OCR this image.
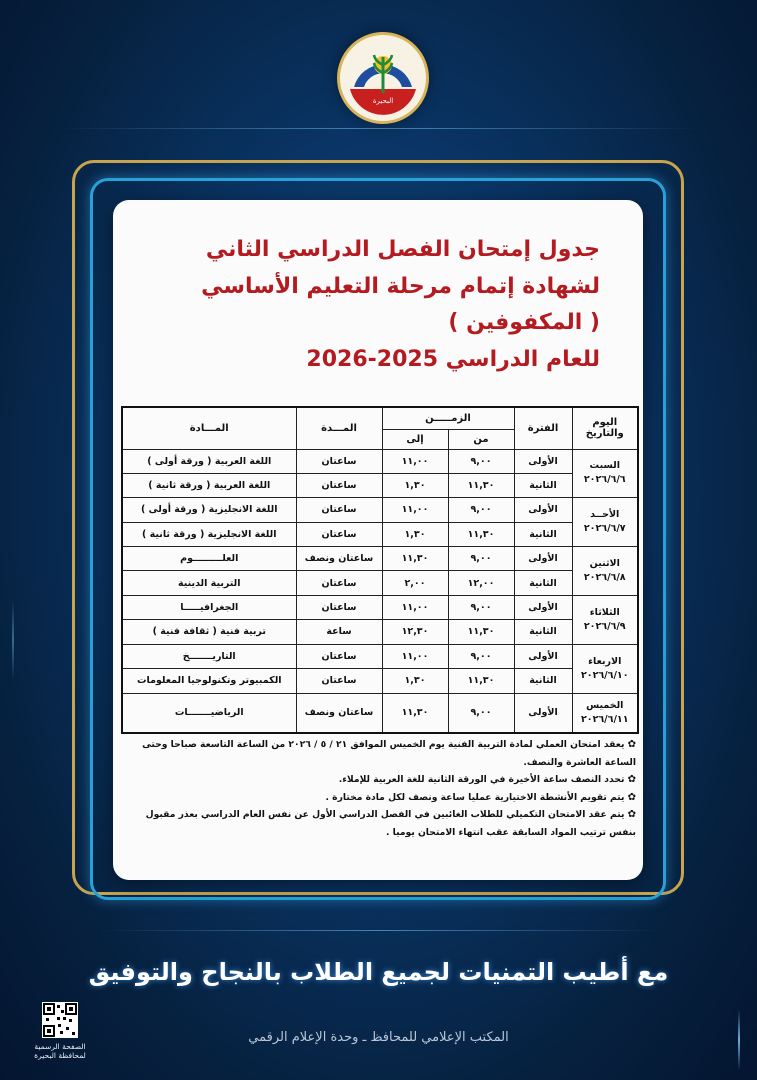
البحيرة
جدول إمتحان الفصل الدراسي الثاني
لشهادة إتمام مرحلة التعليم الأساسي
( المكفوفين )
للعام الدراسي 2025-2026
اليوم والتاريخ	الفترة	الزمـــــن		المـــدة	المـــادة
		من	إلى		

السبت
٢٠٢٦/٦/٦	الأولى	٩,٠٠	١١,٠٠	ساعتان	اللغة العربية ( ورقة أولى )
	الثانية	١١,٣٠	١,٣٠	ساعتان	اللغة العربية ( ورقة ثانية )

الأحــد
٢٠٢٦/٦/٧	الأولى	٩,٠٠	١١,٠٠	ساعتان	اللغة الانجليزية ( ورقة أولى )
	الثانية	١١,٣٠	١,٣٠	ساعتان	اللغة الانجليزية ( ورقة ثانية )

الاثنين
٢٠٢٦/٦/٨	الأولى	٩,٠٠	١١,٣٠	ساعتان ونصف	العلـــــــــوم
	الثانية	١٢,٠٠	٢,٠٠	ساعتان	التربية الدينية

الثلاثاء
٢٠٢٦/٦/٩	الأولى	٩,٠٠	١١,٠٠	ساعتان	الجغرافيـــــا
	الثانية	١١,٣٠	١٢,٣٠	ساعة	تربية فنية ( ثقافة فنية )

الاربعاء
٢٠٢٦/٦/١٠	الأولى	٩,٠٠	١١,٠٠	ساعتان	التاريـــــــخ
	الثانية	١١,٣٠	١,٣٠	ساعتان	الكمبيوتر وتكنولوجيا المعلومات

الخميس
٢٠٢٦/٦/١١	الأولى	٩,٠٠	١١,٣٠	ساعتان ونصف	الرياضيـــــــات

✿ يعقد امتحان العملي لمادة التربية الفنية يوم الخميس الموافق ٢١ / ٥ / ٢٠٢٦ من الساعة التاسعة صباحا وحتى الساعة العاشرة والنصف.

✿ تحدد النصف ساعة الأخيرة في الورقة الثانية للغة العربية للإملاء.

✿ يتم تقويم الأنشطة الاختيارية عمليا ساعة ونصف لكل مادة مختارة .

✿ يتم عقد الامتحان التكميلي للطلاب الغائبين في الفصل الدراسي الأول عن نفس العام الدراسي بعذر مقبول بنفس ترتيب المواد السابقة عقب انتهاء الامتحان يوميا .

مع أطيب التمنيات لجميع الطلاب بالنجاح والتوفيق
المكتب الإعلامي للمحافظ ـ وحدة الإعلام الرقمي
الصفحة الرسمية لمحافظة البحيرة
